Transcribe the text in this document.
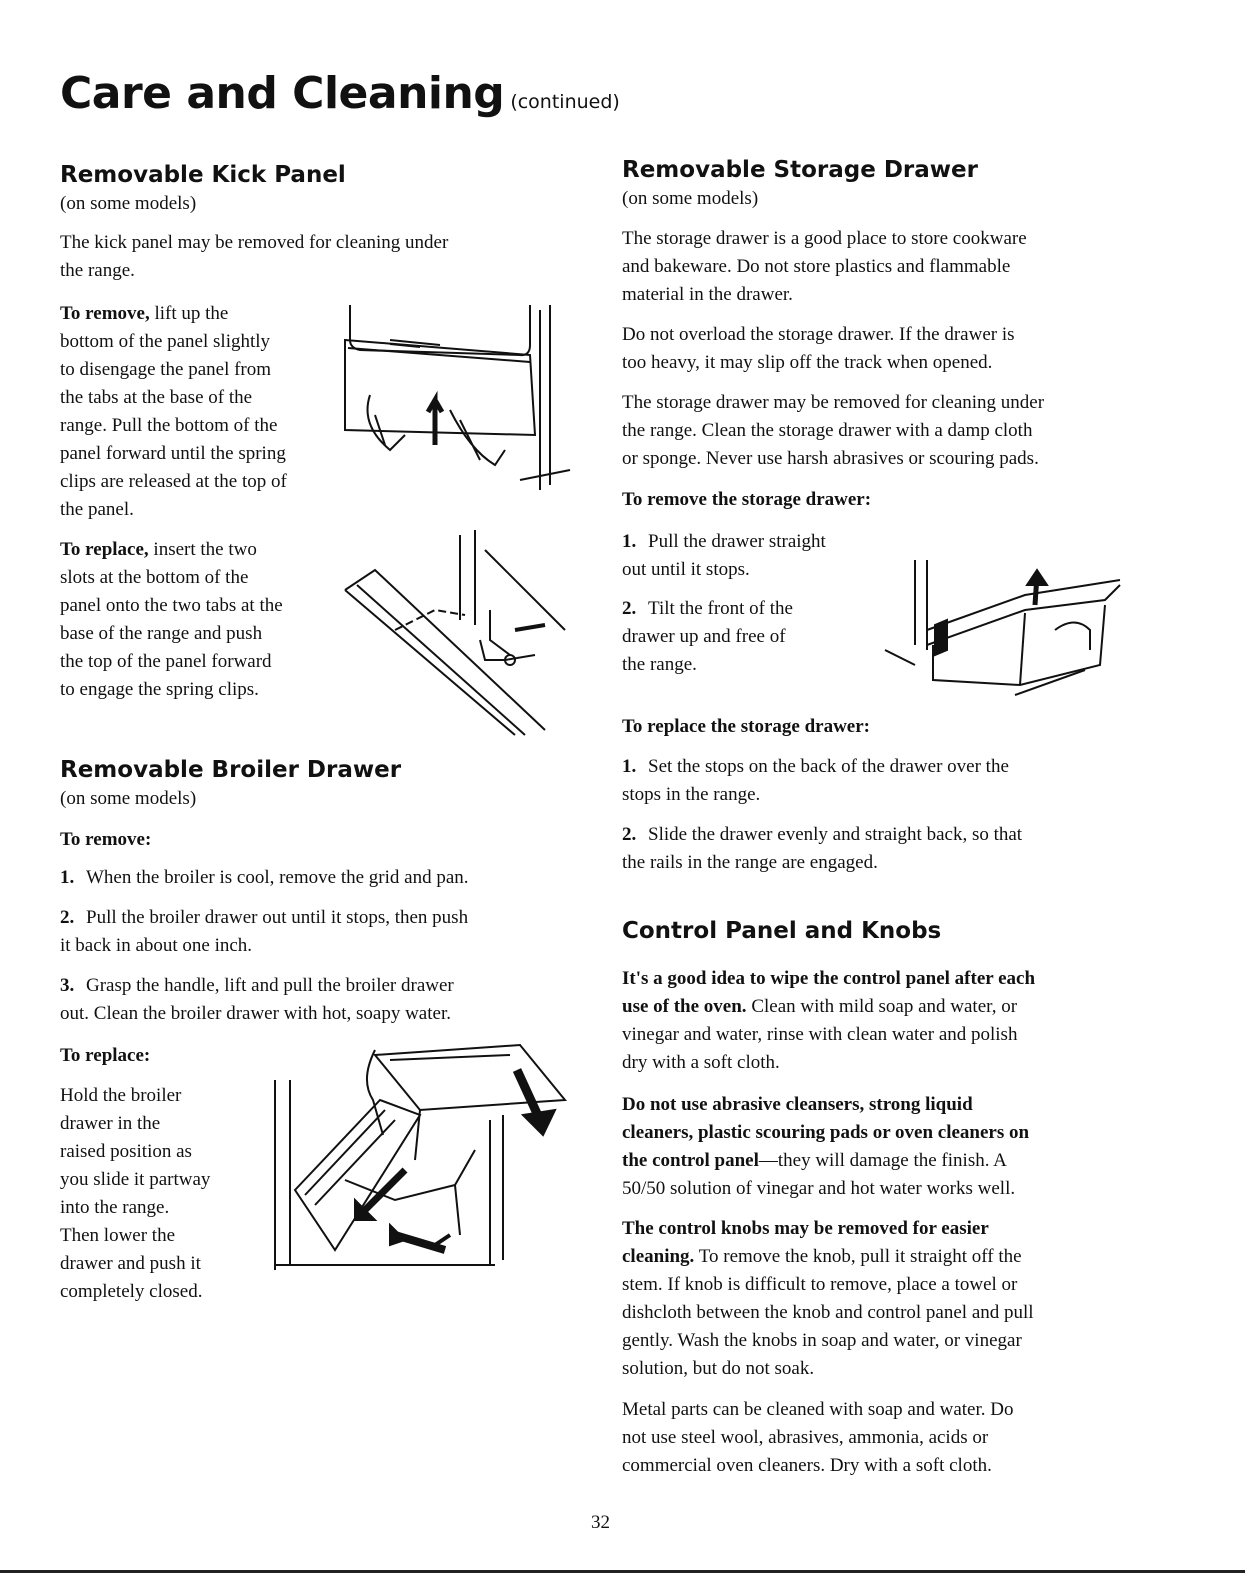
Care and Cleaning (continued)
Removable Kick Panel
(on some models)
The kick panel may be removed for cleaning under
the range.
To remove, lift up the
bottom of the panel slightly
to disengage the panel from
the tabs at the base of the
range. Pull the bottom of the
panel forward until the spring
clips are released at the top of
the panel.
To replace, insert the two
slots at the bottom of the
panel onto the two tabs at the
base of the range and push
the top of the panel forward
to engage the spring clips.
Removable Broiler Drawer
(on some models)
To remove:
1. When the broiler is cool, remove the grid and pan.
2. Pull the broiler drawer out until it stops, then push
it back in about one inch.
3. Grasp the handle, lift and pull the broiler drawer
out. Clean the broiler drawer with hot, soapy water.
To replace:
Hold the broiler
drawer in the
raised position as
you slide it partway
into the range.
Then lower the
drawer and push it
completely closed.
Removable Storage Drawer
(on some models)
The storage drawer is a good place to store cookware
and bakeware. Do not store plastics and flammable
material in the drawer.
Do not overload the storage drawer. If the drawer is
too heavy, it may slip off the track when opened.
The storage drawer may be removed for cleaning under
the range. Clean the storage drawer with a damp cloth
or sponge. Never use harsh abrasives or scouring pads.
To remove the storage drawer:
1. Pull the drawer straight
out until it stops.
2. Tilt the front of the
drawer up and free of
the range.
To replace the storage drawer:
1. Set the stops on the back of the drawer over the
stops in the range.
2. Slide the drawer evenly and straight back, so that
the rails in the range are engaged.
Control Panel and Knobs
It's a good idea to wipe the control panel after each
use of the oven. Clean with mild soap and water, or
vinegar and water, rinse with clean water and polish
dry with a soft cloth.
Do not use abrasive cleansers, strong liquid
cleaners, plastic scouring pads or oven cleaners on
the control panel—they will damage the finish. A
50/50 solution of vinegar and hot water works well.
The control knobs may be removed for easier
cleaning. To remove the knob, pull it straight off the
stem. If knob is difficult to remove, place a towel or
dishcloth between the knob and control panel and pull
gently. Wash the knobs in soap and water, or vinegar
solution, but do not soak.
Metal parts can be cleaned with soap and water. Do
not use steel wool, abrasives, ammonia, acids or
commercial oven cleaners. Dry with a soft cloth.
32
